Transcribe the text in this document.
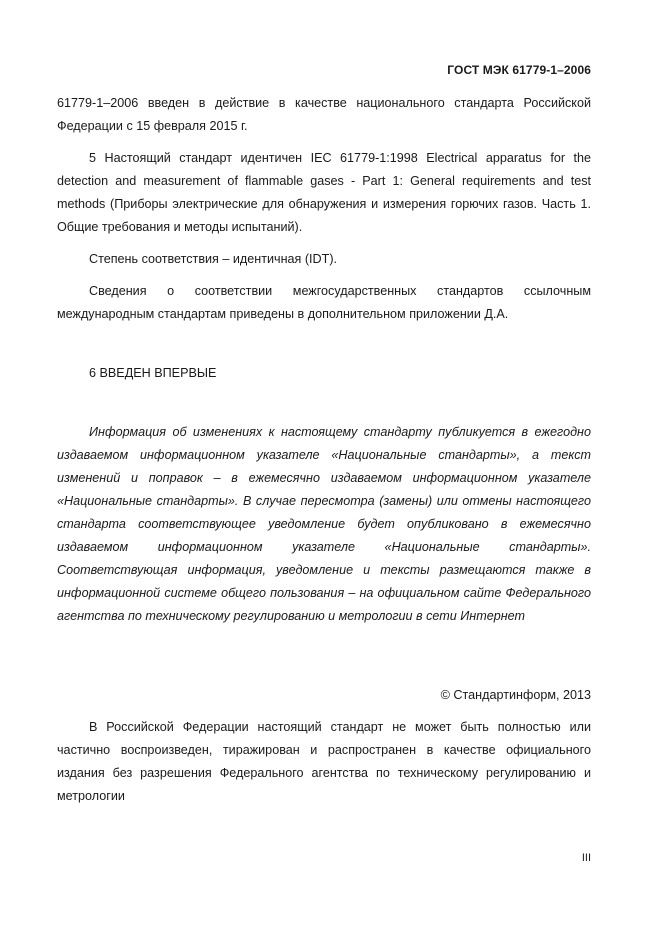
ГОСТ МЭК 61779-1–2006

61779-1–2006 введен в действие в качестве национального стандарта Российской Федерации с 15 февраля 2015 г.

5 Настоящий стандарт идентичен IEC 61779-1:1998 Electrical apparatus for the detection and measurement of flammable gases - Part 1: General requirements and test methods (Приборы электрические для обнаружения и измерения горючих газов. Часть 1. Общие требования и методы испытаний).

Степень соответствия – идентичная (IDT).

Сведения о соответствии межгосударственных стандартов ссылочным международным стандартам приведены в дополнительном приложении Д.А.

6 ВВЕДЕН ВПЕРВЫЕ

Информация об изменениях к настоящему стандарту публикуется в ежегодно издаваемом информационном указателе «Национальные стандарты», а текст изменений и поправок – в ежемесячно издаваемом информационном указателе «Национальные стандарты». В случае пересмотра (замены) или отмены настоящего стандарта соответствующее уведомление будет опубликовано в ежемесячно издаваемом информационном указателе «Национальные стандарты». Соответствующая информация, уведомление и тексты размещаются также в информационной системе общего пользования – на официальном сайте Федерального агентства по техническому регулированию и метрологии в сети Интернет

© Стандартинформ, 2013

В Российской Федерации настоящий стандарт не может быть полностью или частично воспроизведен, тиражирован и распространен в качестве официального издания без разрешения Федерального агентства по техническому регулированию и метрологии

III
